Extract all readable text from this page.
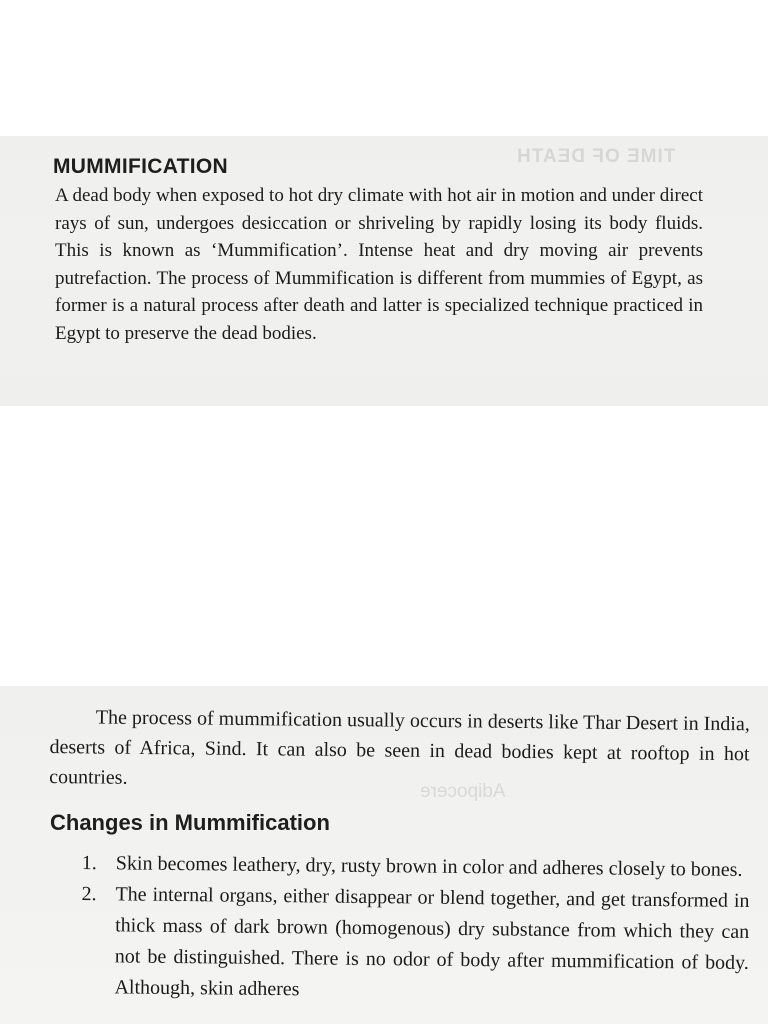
TIME OF DEATH
MUMMIFICATION

A dead body when exposed to hot dry climate with hot air in motion and under direct rays of sun, undergoes desiccation or shriveling by rapidly losing its body fluids. This is known as ‘Mummification’. Intense heat and dry moving air prevents putrefaction. The process of Mummification is different from mummies of Egypt, as former is a natural process after death and latter is specialized technique practiced in Egypt to preserve the dead bodies.

Adipocere

The process of mummification usually occurs in deserts like Thar Desert in India, deserts of Africa, Sind. It can also be seen in dead bodies kept at rooftop in hot countries.

Changes in Mummification
1. Skin becomes leathery, dry, rusty brown in color and adheres closely to bones.
2. The internal organs, either disappear or blend together, and get transformed in thick mass of dark brown (homogenous) dry substance from which they can not be distinguished. There is no odor of body after mummification of body. Although, skin adheres
